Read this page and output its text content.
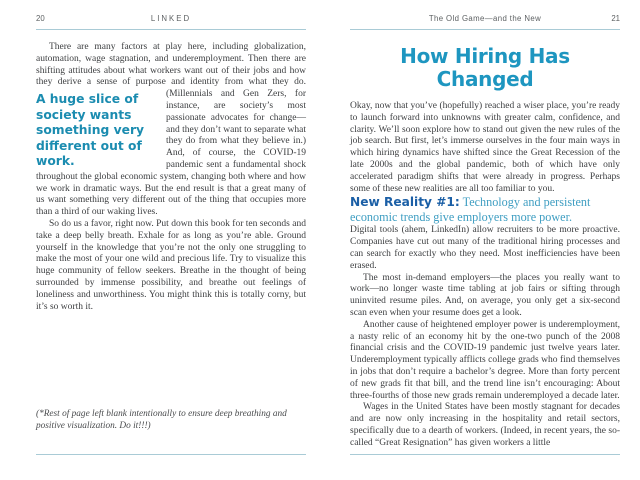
20	LINKED

There are many factors at play here, including globalization, automation, wage stagnation, and underemployment. Then there are shifting attitudes about what workers want out of their jobs and how they derive a sense of purpose and identity from what they
A huge slice of society wants something very different out of work.
do. (Millennials and Gen Zers, for instance, are society’s most passionate advocates for change—and they don’t want to separate what they do from what they believe in.) And, of course, the COVID-19 pandemic sent a fundamental shock throughout the global economic system, changing both where and how we work in dramatic ways. But the end result is that a great many of us want something very different out of the thing that occupies more than a third of our waking lives.

So do us a favor, right now. Put down this book for ten seconds and take a deep belly breath. Exhale for as long as you’re able. Ground yourself in the knowledge that you’re not the only one struggling to make the most of your one wild and precious life. Try to visualize this huge community of fellow seekers. Breathe in the thought of being surrounded by immense possibility, and breathe out feelings of loneliness and unworthiness. You might think this is totally corny, but it’s so worth it.

(*Rest of page left blank intentionally to ensure deep breathing and positive visualization. Do it!!!)

The Old Game—and the New	21
How Hiring Has Changed

Okay, now that you’ve (hopefully) reached a wiser place, you’re ready to launch forward into unknowns with greater calm, confidence, and clarity. We’ll soon explore how to stand out given the new rules of the job search. But first, let’s immerse ourselves in the four main ways in which hiring dynamics have shifted since the Great Recession of the late 2000s and the global pandemic, both of which have only accelerated paradigm shifts that were already in progress. Perhaps some of these new realities are all too familiar to you.

New Reality #1: Technology and persistent economic trends give employers more power.

Digital tools (ahem, LinkedIn) allow recruiters to be more proactive. Companies have cut out many of the traditional hiring processes and can search for exactly who they need. Most inefficiencies have been erased.

The most in-demand employers—the places you really want to work—no longer waste time tabling at job fairs or sifting through uninvited resume piles. And, on average, you only get a six-second scan even when your resume does get a look.

Another cause of heightened employer power is underemployment, a nasty relic of an economy hit by the one-two punch of the 2008 financial crisis and the COVID-19 pandemic just twelve years later. Underemployment typically afflicts college grads who find themselves in jobs that don’t require a bachelor’s degree. More than forty percent of new grads fit that bill, and the trend line isn’t encouraging: About three-fourths of those new grads remain underemployed a decade later.

Wages in the United States have been mostly stagnant for decades and are now only increasing in the hospitality and retail sectors, specifically due to a dearth of workers. (Indeed, in recent years, the so-called “Great Resignation” has given workers a little
